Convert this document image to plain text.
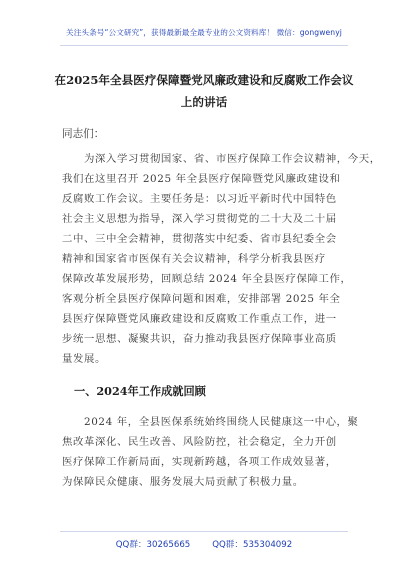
关注头条号“公文研究”，获得最新最全最专业的公文资料库！ 微信：gongwenyj
在2025年全县医疗保障暨党风廉政建设和反腐败工作会议
上的讲话
同志们：
为深入学习贯彻国家、省、市医疗保障工作会议精神，今天，
我们在这里召开 2025 年全县医疗保障暨党风廉政建设和
反腐败工作会议。主要任务是：以习近平新时代中国特色
社会主义思想为指导，深入学习贯彻党的二十大及二十届
二中、三中全会精神，贯彻落实中纪委、省市县纪委全会
精神和国家省市医保有关会议精神，科学分析我县医疗
保障改革发展形势，回顾总结 2024 年全县医疗保障工作，
客观分析全县医疗保障问题和困难，安排部署 2025 年全
县医疗保障暨党风廉政建设和反腐败工作重点工作，进一
步统一思想、凝聚共识，奋力推动我县医疗保障事业高质
量发展。
一、2024年工作成就回顾
2024 年，全县医保系统始终围绕人民健康这一中心，聚
焦改革深化、民生改善、风险防控，社会稳定，全力开创
医疗保障工作新局面，实现新跨越，各项工作成效显著，
为保障民众健康、服务发展大局贡献了积极力量。
QQ群：30265665	QQ群：535304092
